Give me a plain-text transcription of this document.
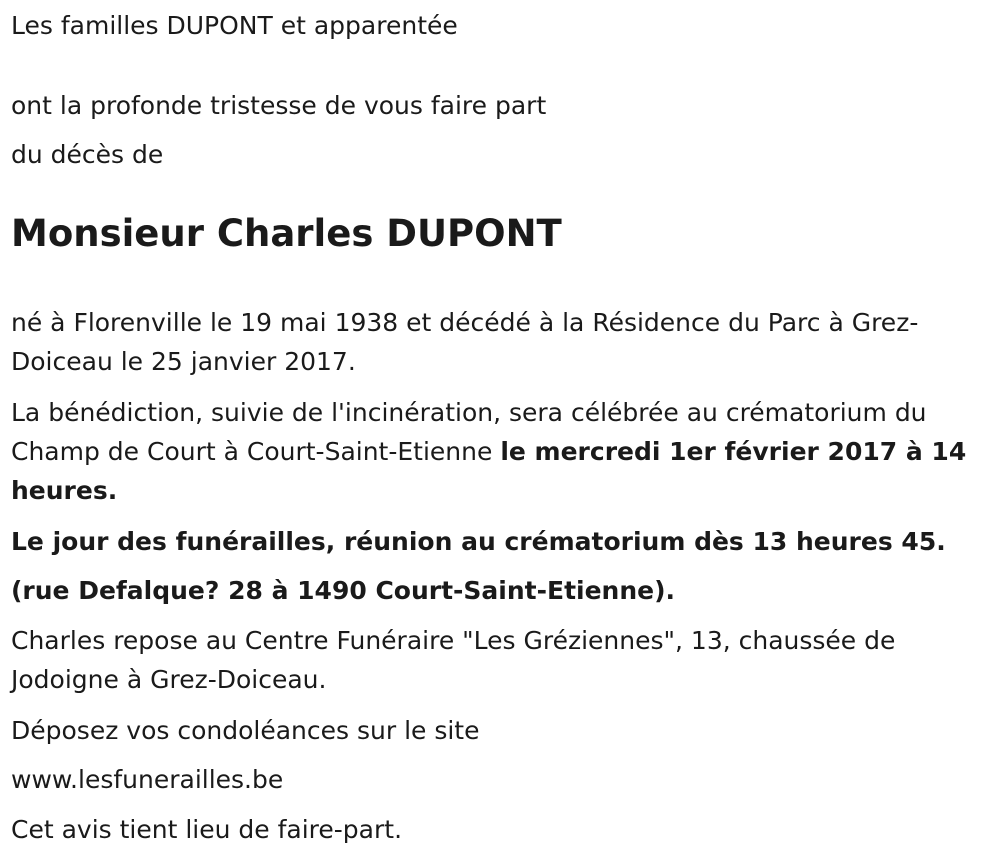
Les familles DUPONT et apparentée

ont la profonde tristesse de vous faire part

du décès de

Monsieur Charles DUPONT

né à Florenville le 19 mai 1938 et décédé à la Résidence du Parc à Grez-Doiceau le 25 janvier 2017.

La bénédiction, suivie de l'incinération, sera célébrée au crématorium du Champ de Court à Court-Saint-Etienne le mercredi 1er février 2017 à 14 heures.

Le jour des funérailles, réunion au crématorium dès 13 heures 45.

(rue Defalque? 28 à 1490 Court-Saint-Etienne).

Charles repose au Centre Funéraire "Les Gréziennes", 13, chaussée de Jodoigne à Grez-Doiceau.

Déposez vos condoléances sur le site

www.lesfunerailles.be

Cet avis tient lieu de faire-part.
